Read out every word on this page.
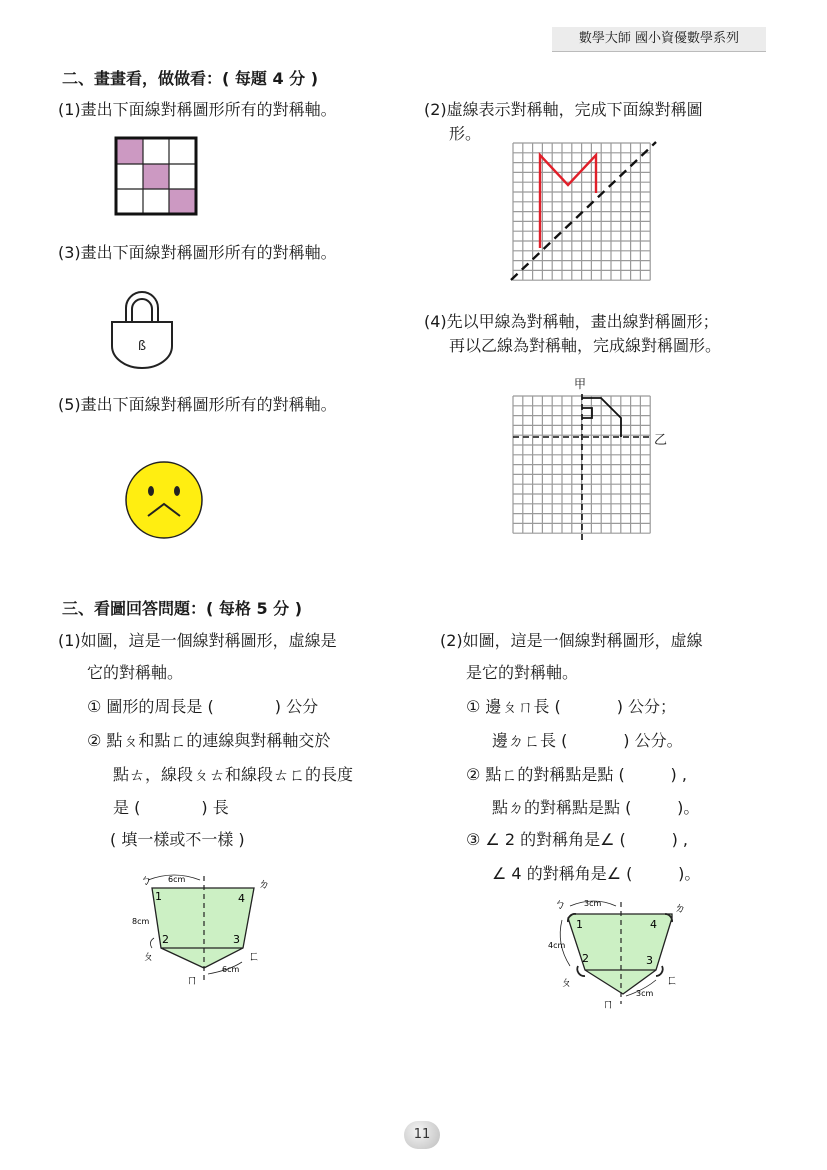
數學大師 國小資優數學系列
二、畫畫看，做做看：( 每題 4 分 )
(1)畫出下面線對稱圖形所有的對稱軸。	(2)虛線表示對稱軸，完成下面線對稱圖
形。
(3)畫出下面線對稱圖形所有的對稱軸。
ß
(4)先以甲線為對稱軸，畫出線對稱圖形；
再以乙線為對稱軸，完成線對稱圖形。
甲
乙
(5)畫出下面線對稱圖形所有的對稱軸。
三、看圖回答問題：( 每格 5 分 )
(1)如圖，這是一個線對稱圖形，虛線是
它的對稱軸。
① 圖形的周長是 (            ) 公分
② 點ㄆ和點ㄈ的連線與對稱軸交於
點ㄊ，線段ㄆㄊ和線段ㄊㄈ的長度
是 (            ) 長
( 填一樣或不一樣 )
(2)如圖，這是一個線對稱圖形，虛線
是它的對稱軸。
① 邊ㄆㄇ長 (           ) 公分；
邊ㄉㄈ長 (           ) 公分。
② 點ㄈ的對稱點是點 (         ) ,
點ㄉ的對稱點是點 (         )。
③ ∠ 2 的對稱角是∠ (         ) ,
∠ 4 的對稱角是∠ (         )。
6cm
8cm
6cm
ㄅ	ㄉ
ㄆ	ㄈ
ㄇ
1	4
2	3
3cm
4cm
3cm
ㄅ	ㄉ
ㄆ	ㄈ
ㄇ
1	4
2	3
11
